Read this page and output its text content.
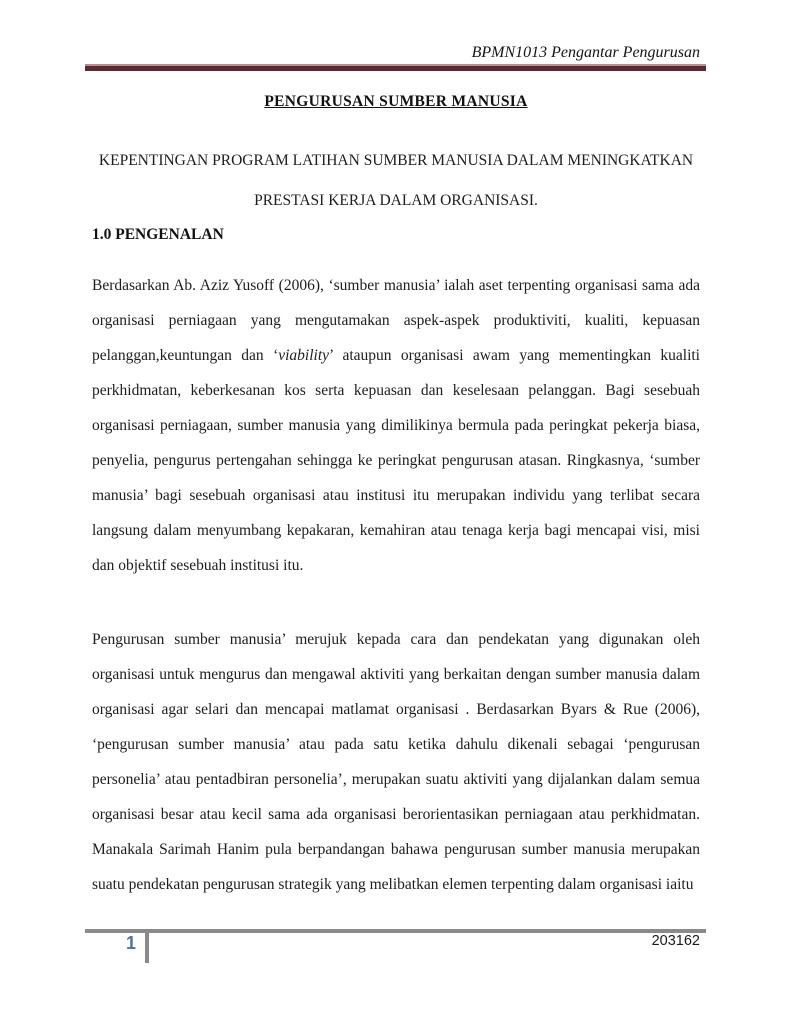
BPMN1013 Pengantar Pengurusan
PENGURUSAN SUMBER MANUSIA
KEPENTINGAN PROGRAM LATIHAN SUMBER MANUSIA DALAM MENINGKATKAN
PRESTASI KERJA DALAM ORGANISASI.
1.0 PENGENALAN

Berdasarkan Ab. Aziz Yusoff (2006), ‘sumber manusia’ ialah aset terpenting organisasi sama ada organisasi perniagaan yang mengutamakan aspek-aspek produktiviti, kualiti, kepuasan pelanggan,keuntungan dan ‘viability’ ataupun organisasi awam yang mementingkan kualiti perkhidmatan, keberkesanan kos serta kepuasan dan keselesaan pelanggan. Bagi sesebuah organisasi perniagaan, sumber manusia yang dimilikinya bermula pada peringkat pekerja biasa, penyelia, pengurus pertengahan sehingga ke peringkat pengurusan atasan. Ringkasnya, ‘sumber manusia’ bagi sesebuah organisasi atau institusi itu merupakan individu yang terlibat secara langsung dalam menyumbang kepakaran, kemahiran atau tenaga kerja bagi mencapai visi, misi dan objektif sesebuah institusi itu.

Pengurusan sumber manusia’ merujuk kepada cara dan pendekatan yang digunakan oleh organisasi untuk mengurus dan mengawal aktiviti yang berkaitan dengan sumber manusia dalam organisasi agar selari dan mencapai matlamat organisasi . Berdasarkan Byars & Rue (2006), ‘pengurusan sumber manusia’ atau pada satu ketika dahulu dikenali sebagai ‘pengurusan personelia’ atau pentadbiran personelia’, merupakan suatu aktiviti yang dijalankan dalam semua organisasi besar atau kecil sama ada organisasi berorientasikan perniagaan atau perkhidmatan. Manakala Sarimah Hanim pula berpandangan bahawa pengurusan sumber manusia merupakan suatu pendekatan pengurusan strategik yang melibatkan elemen terpenting dalam organisasi iaitu

1	203162
